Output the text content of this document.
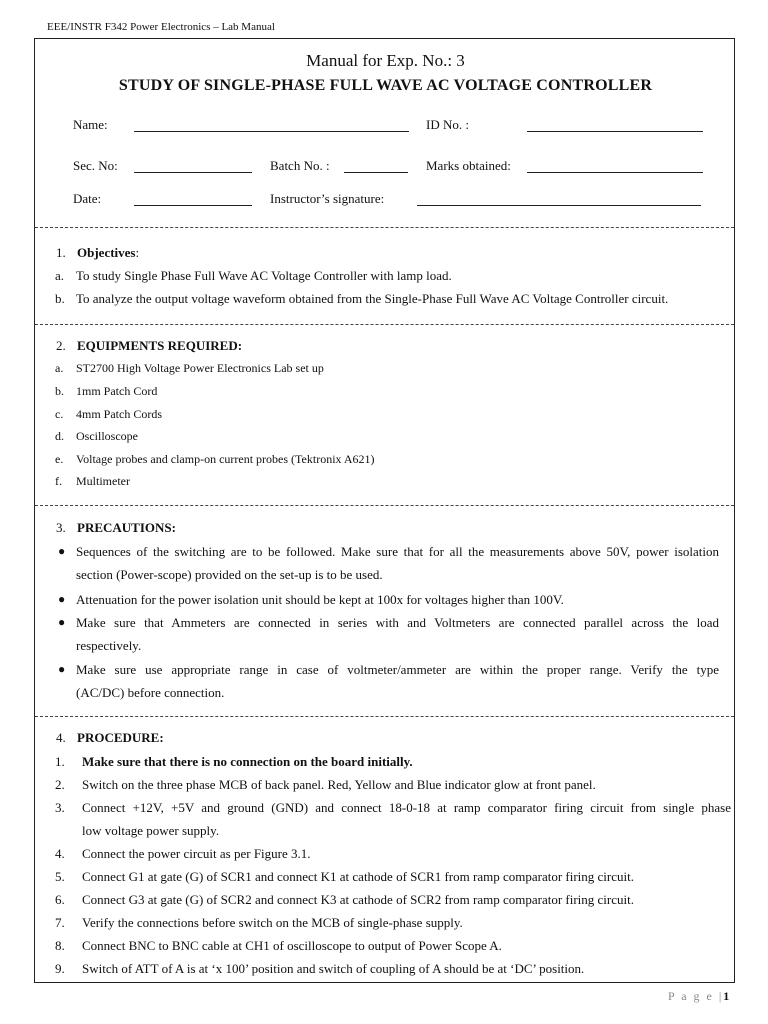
EEE/INSTR F342 Power Electronics – Lab Manual
Manual for Exp. No.: 3
STUDY OF SINGLE-PHASE FULL WAVE AC VOLTAGE CONTROLLER
Name:	ID No. :
Sec. No:	Batch No. :	Marks obtained:
Date:	Instructor’s signature:
1. Objectives:
a. To study Single Phase Full Wave AC Voltage Controller with lamp load.
b. To analyze the output voltage waveform obtained from the Single-Phase Full Wave AC Voltage Controller circuit.
2. EQUIPMENTS REQUIRED:
a. ST2700 High Voltage Power Electronics Lab set up
b. 1mm Patch Cord
c. 4mm Patch Cords
d. Oscilloscope
e. Voltage probes and clamp-on current probes (Tektronix A621)
f. Multimeter
3. PRECAUTIONS:
● Sequences of the switching are to be followed. Make sure that for all the measurements above 50V, power isolation
section (Power-scope) provided on the set-up is to be used.
● Attenuation for the power isolation unit should be kept at 100x for voltages higher than 100V.
● Make sure that Ammeters are connected in series with and Voltmeters are connected parallel across the load
respectively.
● Make sure use appropriate range in case of voltmeter/ammeter are within the proper range. Verify the type
(AC/DC) before connection.
4. PROCEDURE:
1. Make sure that there is no connection on the board initially.
2. Switch on the three phase MCB of back panel. Red, Yellow and Blue indicator glow at front panel.
3. Connect +12V, +5V and ground (GND) and connect 18-0-18 at ramp comparator firing circuit from single phase
low voltage power supply.
4. Connect the power circuit as per Figure 3.1.
5. Connect G1 at gate (G) of SCR1 and connect K1 at cathode of SCR1 from ramp comparator firing circuit.
6. Connect G3 at gate (G) of SCR2 and connect K3 at cathode of SCR2 from ramp comparator firing circuit.
7. Verify the connections before switch on the MCB of single-phase supply.
8. Connect BNC to BNC cable at CH1 of oscilloscope to output of Power Scope A.
9. Switch of ATT of A is at ‘x 100’ position and switch of coupling of A should be at ‘DC’ position.
P a g e |1
